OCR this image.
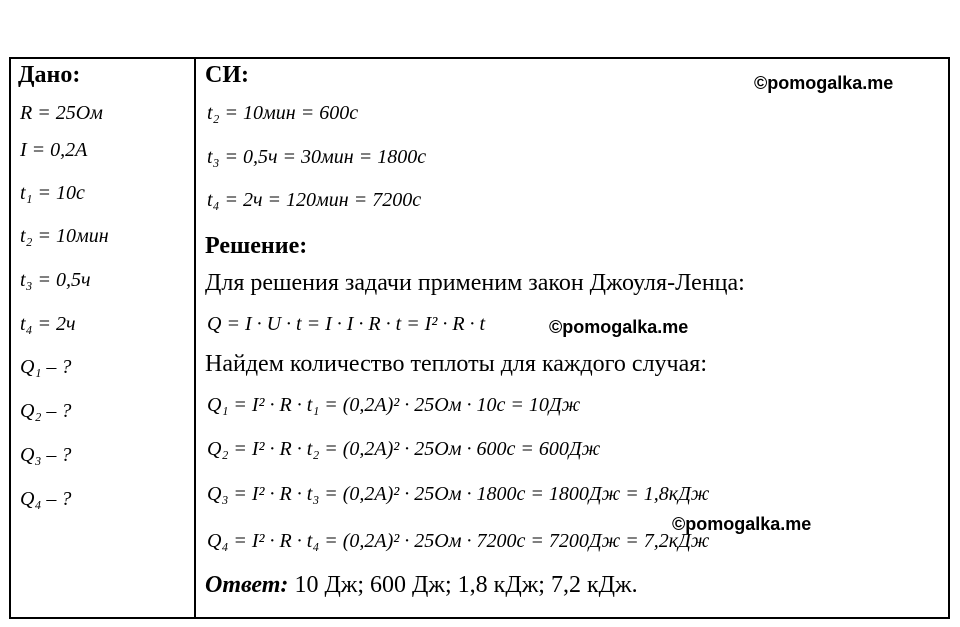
Дано:
R = 25Ом
I = 0,2A
t₁ = 10c
t₂ = 10мин
t₃ = 0,5ч
t₄ = 2ч
Q₁ – ?
Q₂ – ?
Q₃ – ?
Q₄ – ?
СИ:
t₂ = 10мин = 600с
t₃ = 0,5ч = 30мин = 1800с
t₄ = 2ч = 120мин = 7200с
Решение:
Для решения задачи применим закон Джоуля-Ленца:
Q = I · U · t = I · I · R · t = I² · R · t
Найдем количество теплоты для каждого случая:
Q₁ = I² · R · t₁ = (0,2A)² · 25Ом · 10c = 10Дж
Q₂ = I² · R · t₂ = (0,2A)² · 25Ом · 600c = 600Дж
Q₃ = I² · R · t₃ = (0,2A)² · 25Ом · 1800c = 1800Дж = 1,8кДж
Q₄ = I² · R · t₄ = (0,2A)² · 25Ом · 7200c = 7200Дж = 7,2кДж
Ответ: 10 Дж; 600 Дж; 1,8 кДж; 7,2 кДж.
©pomogalka.me
©pomogalka.me
©pomogalka.me
